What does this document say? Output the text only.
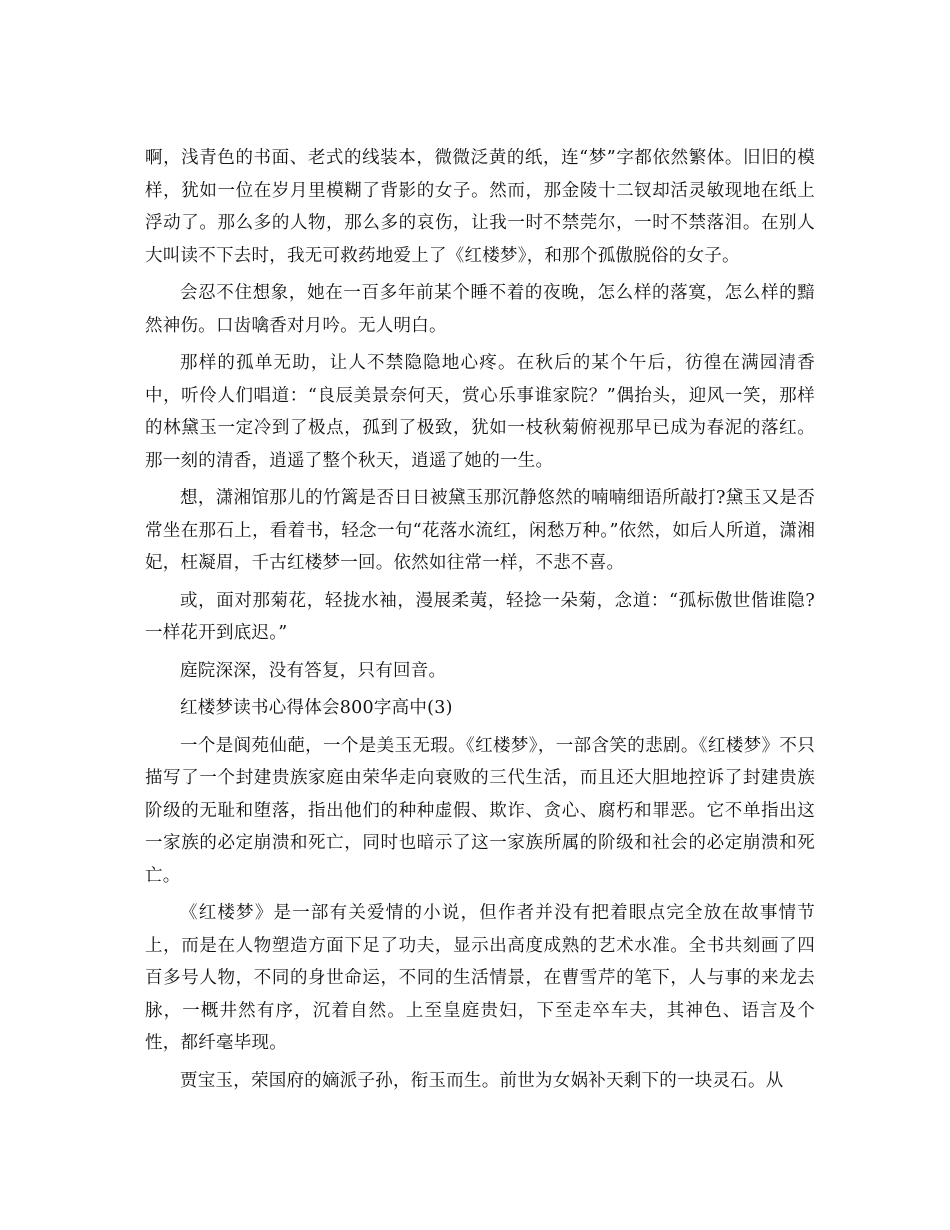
啊，浅青色的书面、老式的线装本，微微泛黄的纸，连“梦”字都依然繁体。旧旧的模样，犹如一位在岁月里模糊了背影的女子。然而，那金陵十二钗却活灵敏现地在纸上浮动了。那么多的人物，那么多的哀伤，让我一时不禁莞尔，一时不禁落泪。在别人大叫读不下去时，我无可救药地爱上了《红楼梦》，和那个孤傲脱俗的女子。

会忍不住想象，她在一百多年前某个睡不着的夜晚，怎么样的落寞，怎么样的黯然神伤。口齿噙香对月吟。无人明白。

那样的孤单无助，让人不禁隐隐地心疼。在秋后的某个午后，彷徨在满园清香中，听伶人们唱道：“良辰美景奈何天，赏心乐事谁家院？”偶抬头，迎风一笑，那样的林黛玉一定冷到了极点，孤到了极致，犹如一枝秋菊俯视那早已成为春泥的落红。那一刻的清香，逍遥了整个秋天，逍遥了她的一生。

想，潇湘馆那儿的竹篱是否日日被黛玉那沉静悠然的喃喃细语所敲打?黛玉又是否常坐在那石上，看着书，轻念一句“花落水流红，闲愁万种。”依然，如后人所道，潇湘妃，枉凝眉，千古红楼梦一回。依然如往常一样，不悲不喜。

或，面对那菊花，轻拢水袖，漫展柔荑，轻捻一朵菊，念道：“孤标傲世偕谁隐?一样花开到底迟。”

庭院深深，没有答复，只有回音。

红楼梦读书心得体会800字高中(3)

一个是阆苑仙葩，一个是美玉无瑕。《红楼梦》，一部含笑的悲剧。《红楼梦》不只描写了一个封建贵族家庭由荣华走向衰败的三代生活，而且还大胆地控诉了封建贵族阶级的无耻和堕落，指出他们的种种虚假、欺诈、贪心、腐朽和罪恶。它不单指出这一家族的必定崩溃和死亡，同时也暗示了这一家族所属的阶级和社会的必定崩溃和死亡。

《红楼梦》是一部有关爱情的小说，但作者并没有把着眼点完全放在故事情节上，而是在人物塑造方面下足了功夫，显示出高度成熟的艺术水准。全书共刻画了四百多号人物，不同的身世命运，不同的生活情景，在曹雪芹的笔下，人与事的来龙去脉，一概井然有序，沉着自然。上至皇庭贵妇，下至走卒车夫，其神色、语言及个性，都纤毫毕现。

贾宝玉，荣国府的嫡派子孙，衔玉而生。前世为女娲补天剩下的一块灵石。从
